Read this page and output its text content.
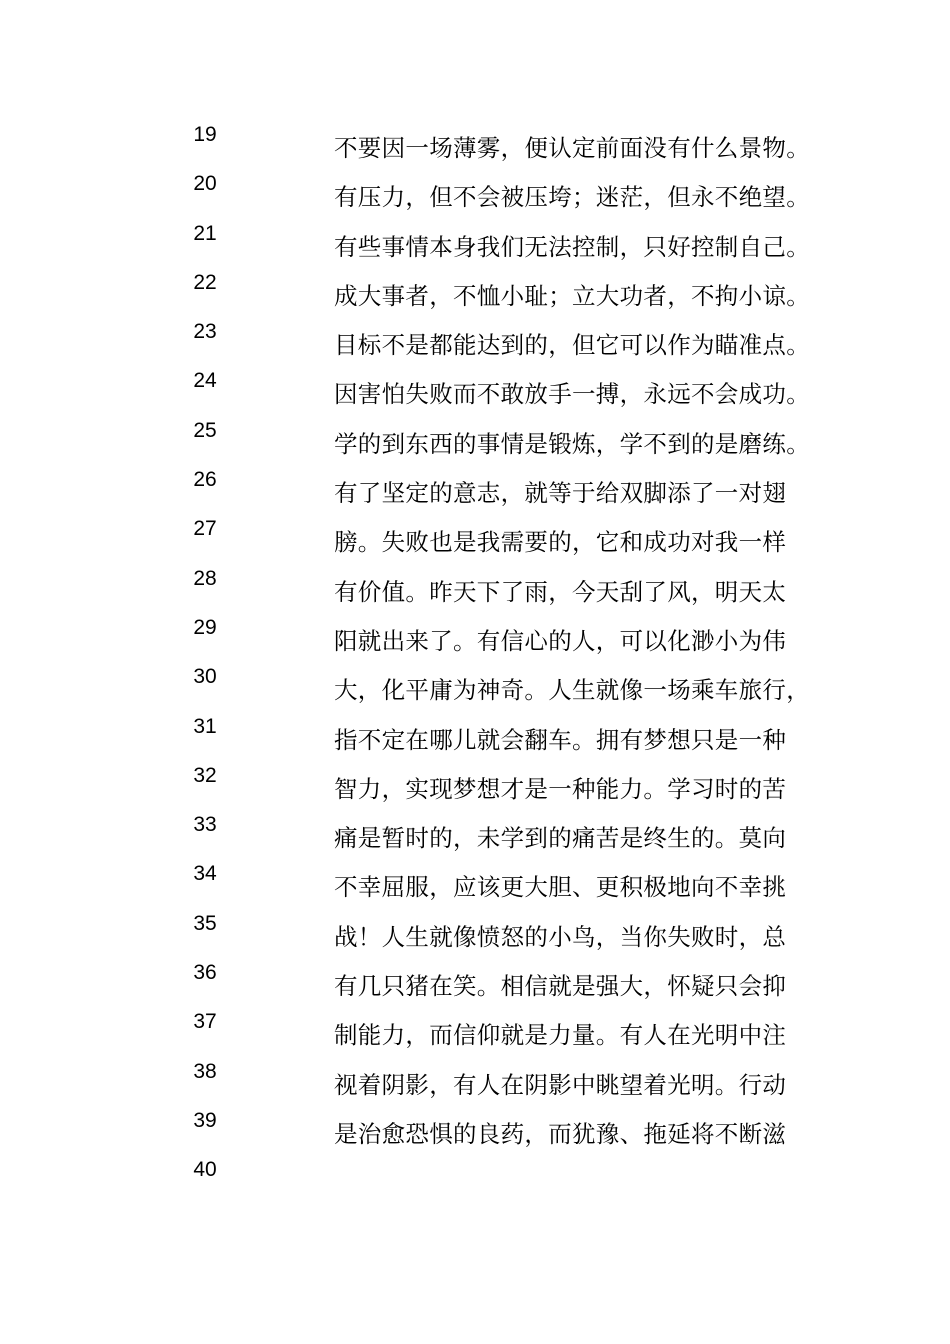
19
20
21
22
23
24
25
26
27
28
29
30
31
32
33
34
35
36
37
38
39
40
不要因一场薄雾，便认定前面没有什么景物。
有压力，但不会被压垮；迷茫，但永不绝望。
有些事情本身我们无法控制，只好控制自己。
成大事者，不恤小耻；立大功者，不拘小谅。
目标不是都能达到的，但它可以作为瞄准点。
因害怕失败而不敢放手一搏，永远不会成功。
学的到东西的事情是锻炼，学不到的是磨练。
有了坚定的意志，就等于给双脚添了一对翅
膀。失败也是我需要的，它和成功对我一样
有价值。昨天下了雨，今天刮了风，明天太
阳就出来了。有信心的人，可以化渺小为伟
大，化平庸为神奇。人生就像一场乘车旅行，
指不定在哪儿就会翻车。拥有梦想只是一种
智力，实现梦想才是一种能力。学习时的苦
痛是暂时的，未学到的痛苦是终生的。莫向
不幸屈服，应该更大胆、更积极地向不幸挑
战！人生就像愤怒的小鸟，当你失败时，总
有几只猪在笑。相信就是强大，怀疑只会抑
制能力，而信仰就是力量。有人在光明中注
视着阴影，有人在阴影中眺望着光明。行动
是治愈恐惧的良药，而犹豫、拖延将不断滋
